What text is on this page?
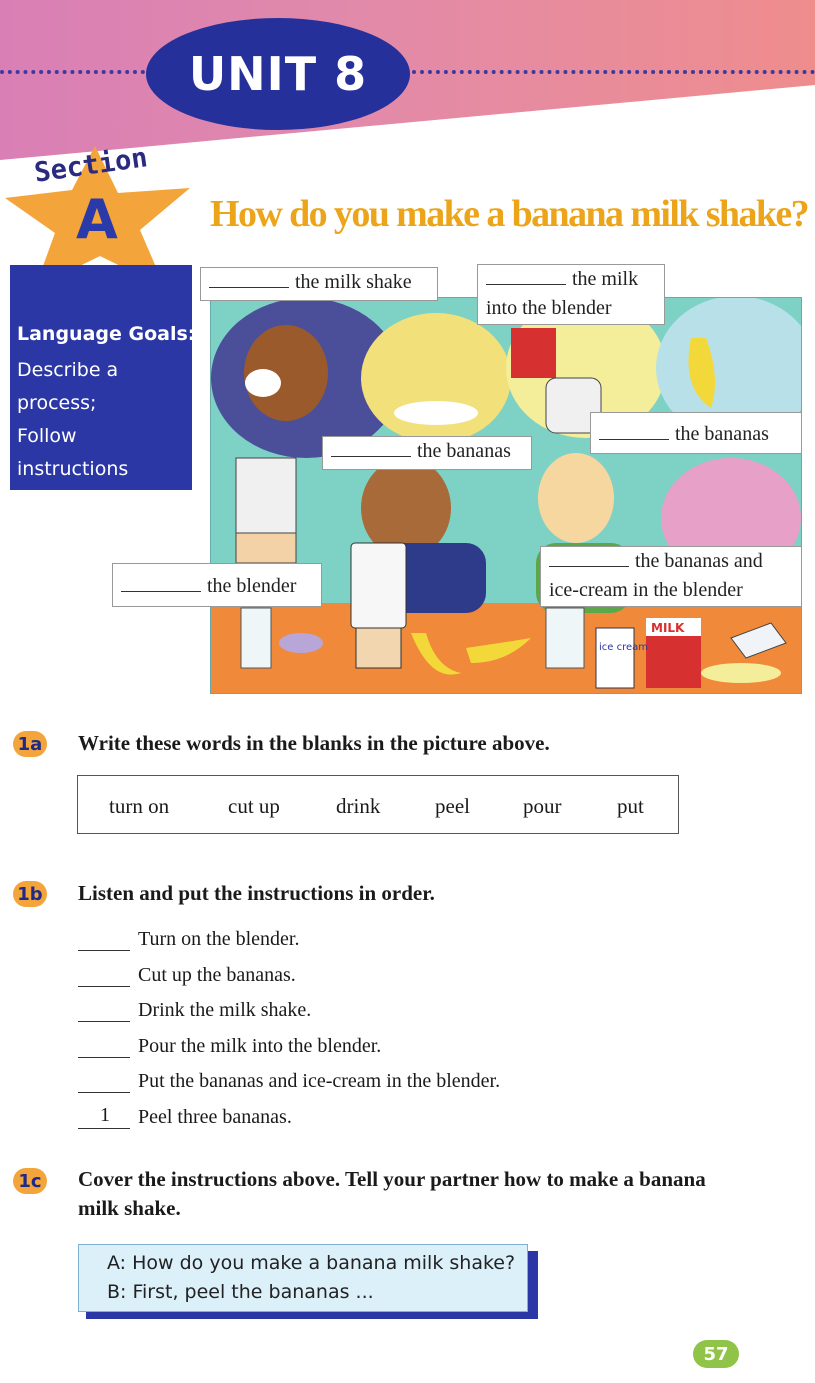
UNIT 8
Section
A How do you make a banana milk shake?
Language Goals:
Describe a
process;
Follow
instructions
MILK
ice cream
the milk shake	the milk
into the blender
the bananas
the bananas
the bananas and
ice-cream in the blender
the blender
1a Write these words in the blanks in the picture above.
turn on	cut up	drink	peel	pour	put
1b Listen and put the instructions in order.
Turn on the blender.
Cut up the bananas.
Drink the milk shake.
Pour the milk into the blender.
Put the bananas and ice-cream in the blender.
1 Peel three bananas.
1c Cover the instructions above. Tell your partner how to make a banana
milk shake.
A: How do you make a banana milk shake?
B: First, peel the bananas ...
57
